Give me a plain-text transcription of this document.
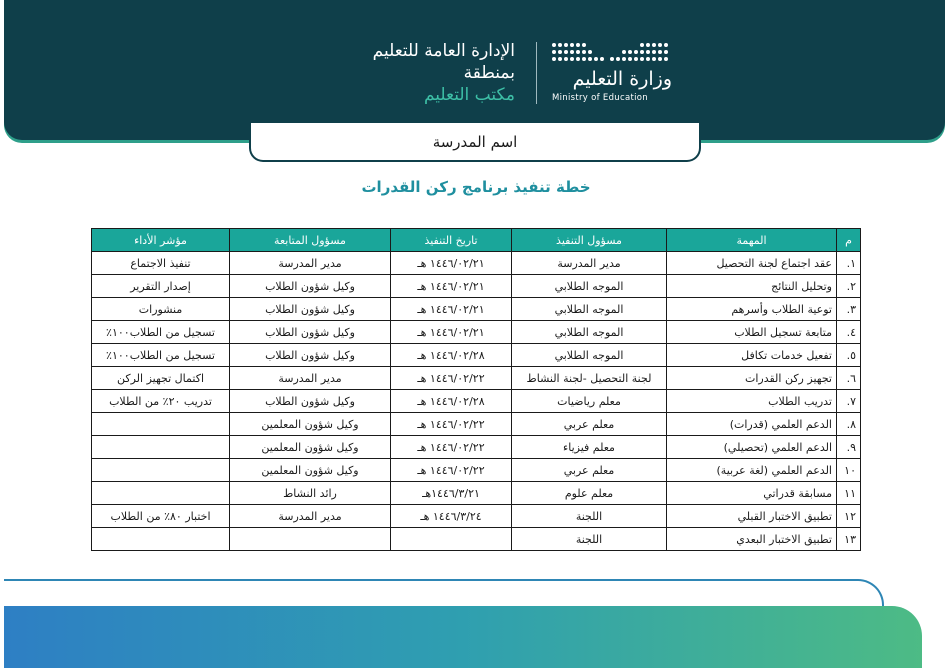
وزارة التعليم
Ministry of Education
الإدارة العامة للتعليم
بمنطقة
مكتب التعليم
اسم المدرسة
خطة تنفيذ برنامج ركن القدرات
م	المهمة	مسؤول التنفيذ	تاريخ التنفيذ	مسؤول المتابعة	مؤشر الأداء
١.	عقد اجتماع لجنة التحصيل	مدير المدرسة	١٤٤٦/٠٢/٢١ هـ	مدير المدرسة	تنفيذ الاجتماع
٢.	وتحليل النتائج	الموجه الطلابي	١٤٤٦/٠٢/٢١ هـ	وكيل شؤون الطلاب	إصدار التقرير
٣.	توعية الطلاب وأسرهم	الموجه الطلابي	١٤٤٦/٠٢/٢١ هـ	وكيل شؤون الطلاب	منشورات
٤.	متابعة تسجيل الطلاب	الموجه الطلابي	١٤٤٦/٠٢/٢١ هـ	وكيل شؤون الطلاب	تسجيل من الطلاب١٠٠٪
٥.	تفعيل خدمات تكافل	الموجه الطلابي	١٤٤٦/٠٢/٢٨ هـ	وكيل شؤون الطلاب	تسجيل من الطلاب١٠٠٪
٦.	تجهيز ركن القدرات	لجنة التحصيل -لجنة النشاط	١٤٤٦/٠٢/٢٢ هـ	مدير المدرسة	اكتمال تجهيز الركن
٧.	تدريب الطلاب	معلم رياضيات	١٤٤٦/٠٢/٢٨ هـ	وكيل شؤون الطلاب	تدريب ٢٠٪ من الطلاب
٨.	الدعم العلمي (قدرات)	معلم عربي	١٤٤٦/٠٢/٢٢ هـ	وكيل شؤون المعلمين	
٩.	الدعم العلمي (تحصيلي)	معلم فيزياء	١٤٤٦/٠٢/٢٢ هـ	وكيل شؤون المعلمين	
١٠	الدعم العلمي (لغة عربية)	معلم عربي	١٤٤٦/٠٢/٢٢ هـ	وكيل شؤون المعلمين	
١١	مسابقة قدراتي	معلم علوم	١٤٤٦/٣/٢١هـ	رائد النشاط	
١٢	تطبيق الاختبار القبلي	اللجنة	١٤٤٦/٣/٢٤ هـ	مدير المدرسة	اختبار ٨٠٪ من الطلاب
١٣	تطبيق الاختبار البعدي	اللجنة			
